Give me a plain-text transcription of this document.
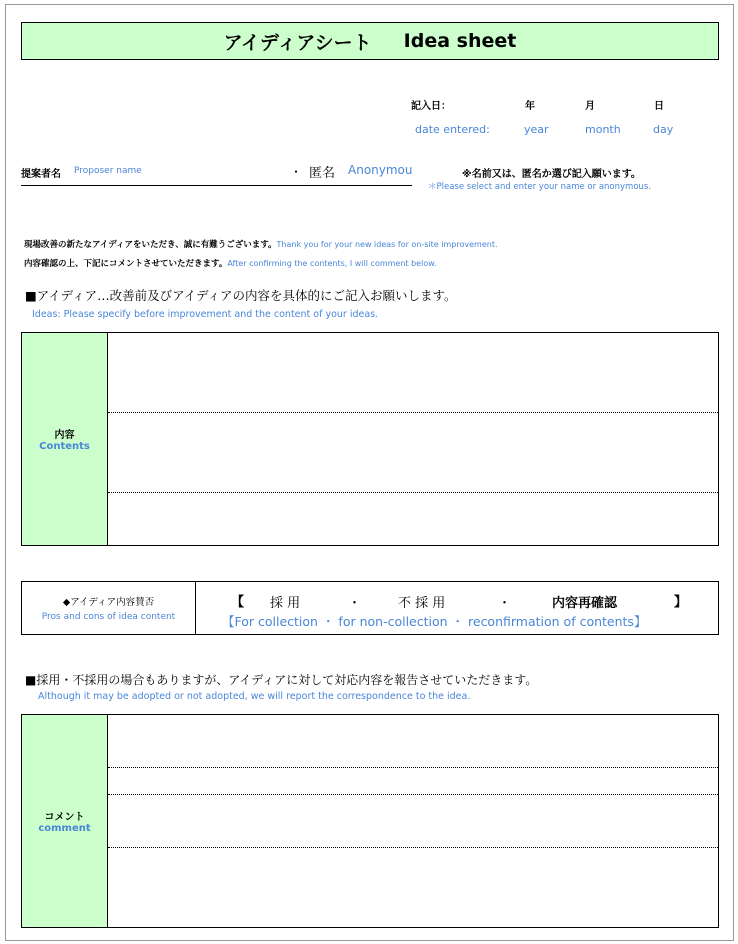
アイディアシート Idea sheet
記入日：	年	月	日
date entered:	year	month	day
提案者名 Proposer name	・ 匿名 Anonymou	※名前又は、匿名か選び記入願います。
＊Please select and enter your name or anonymous.
現場改善の新たなアイディアをいただき、誠に有難うございます。Thank you for your new ideas for on-site improvement.
内容確認の上、下記にコメントさせていただきます。After confirming the contents, I will comment below.
■アイディア…改善前及びアイディアの内容を具体的にご記入お願いします。
Ideas: Please specify before improvement and the content of your ideas.
内容
Contents
◆アイディア内容賛否
Pros and cons of idea content
【 採 用	・	不 採 用	・	内容再確認	】
【For collection ・ for non-collection ・ reconfirmation of contents】
■採用・不採用の場合もありますが、アイディアに対して対応内容を報告させていただきます。
Although it may be adopted or not adopted, we will report the correspondence to the idea.
コメント
comment
